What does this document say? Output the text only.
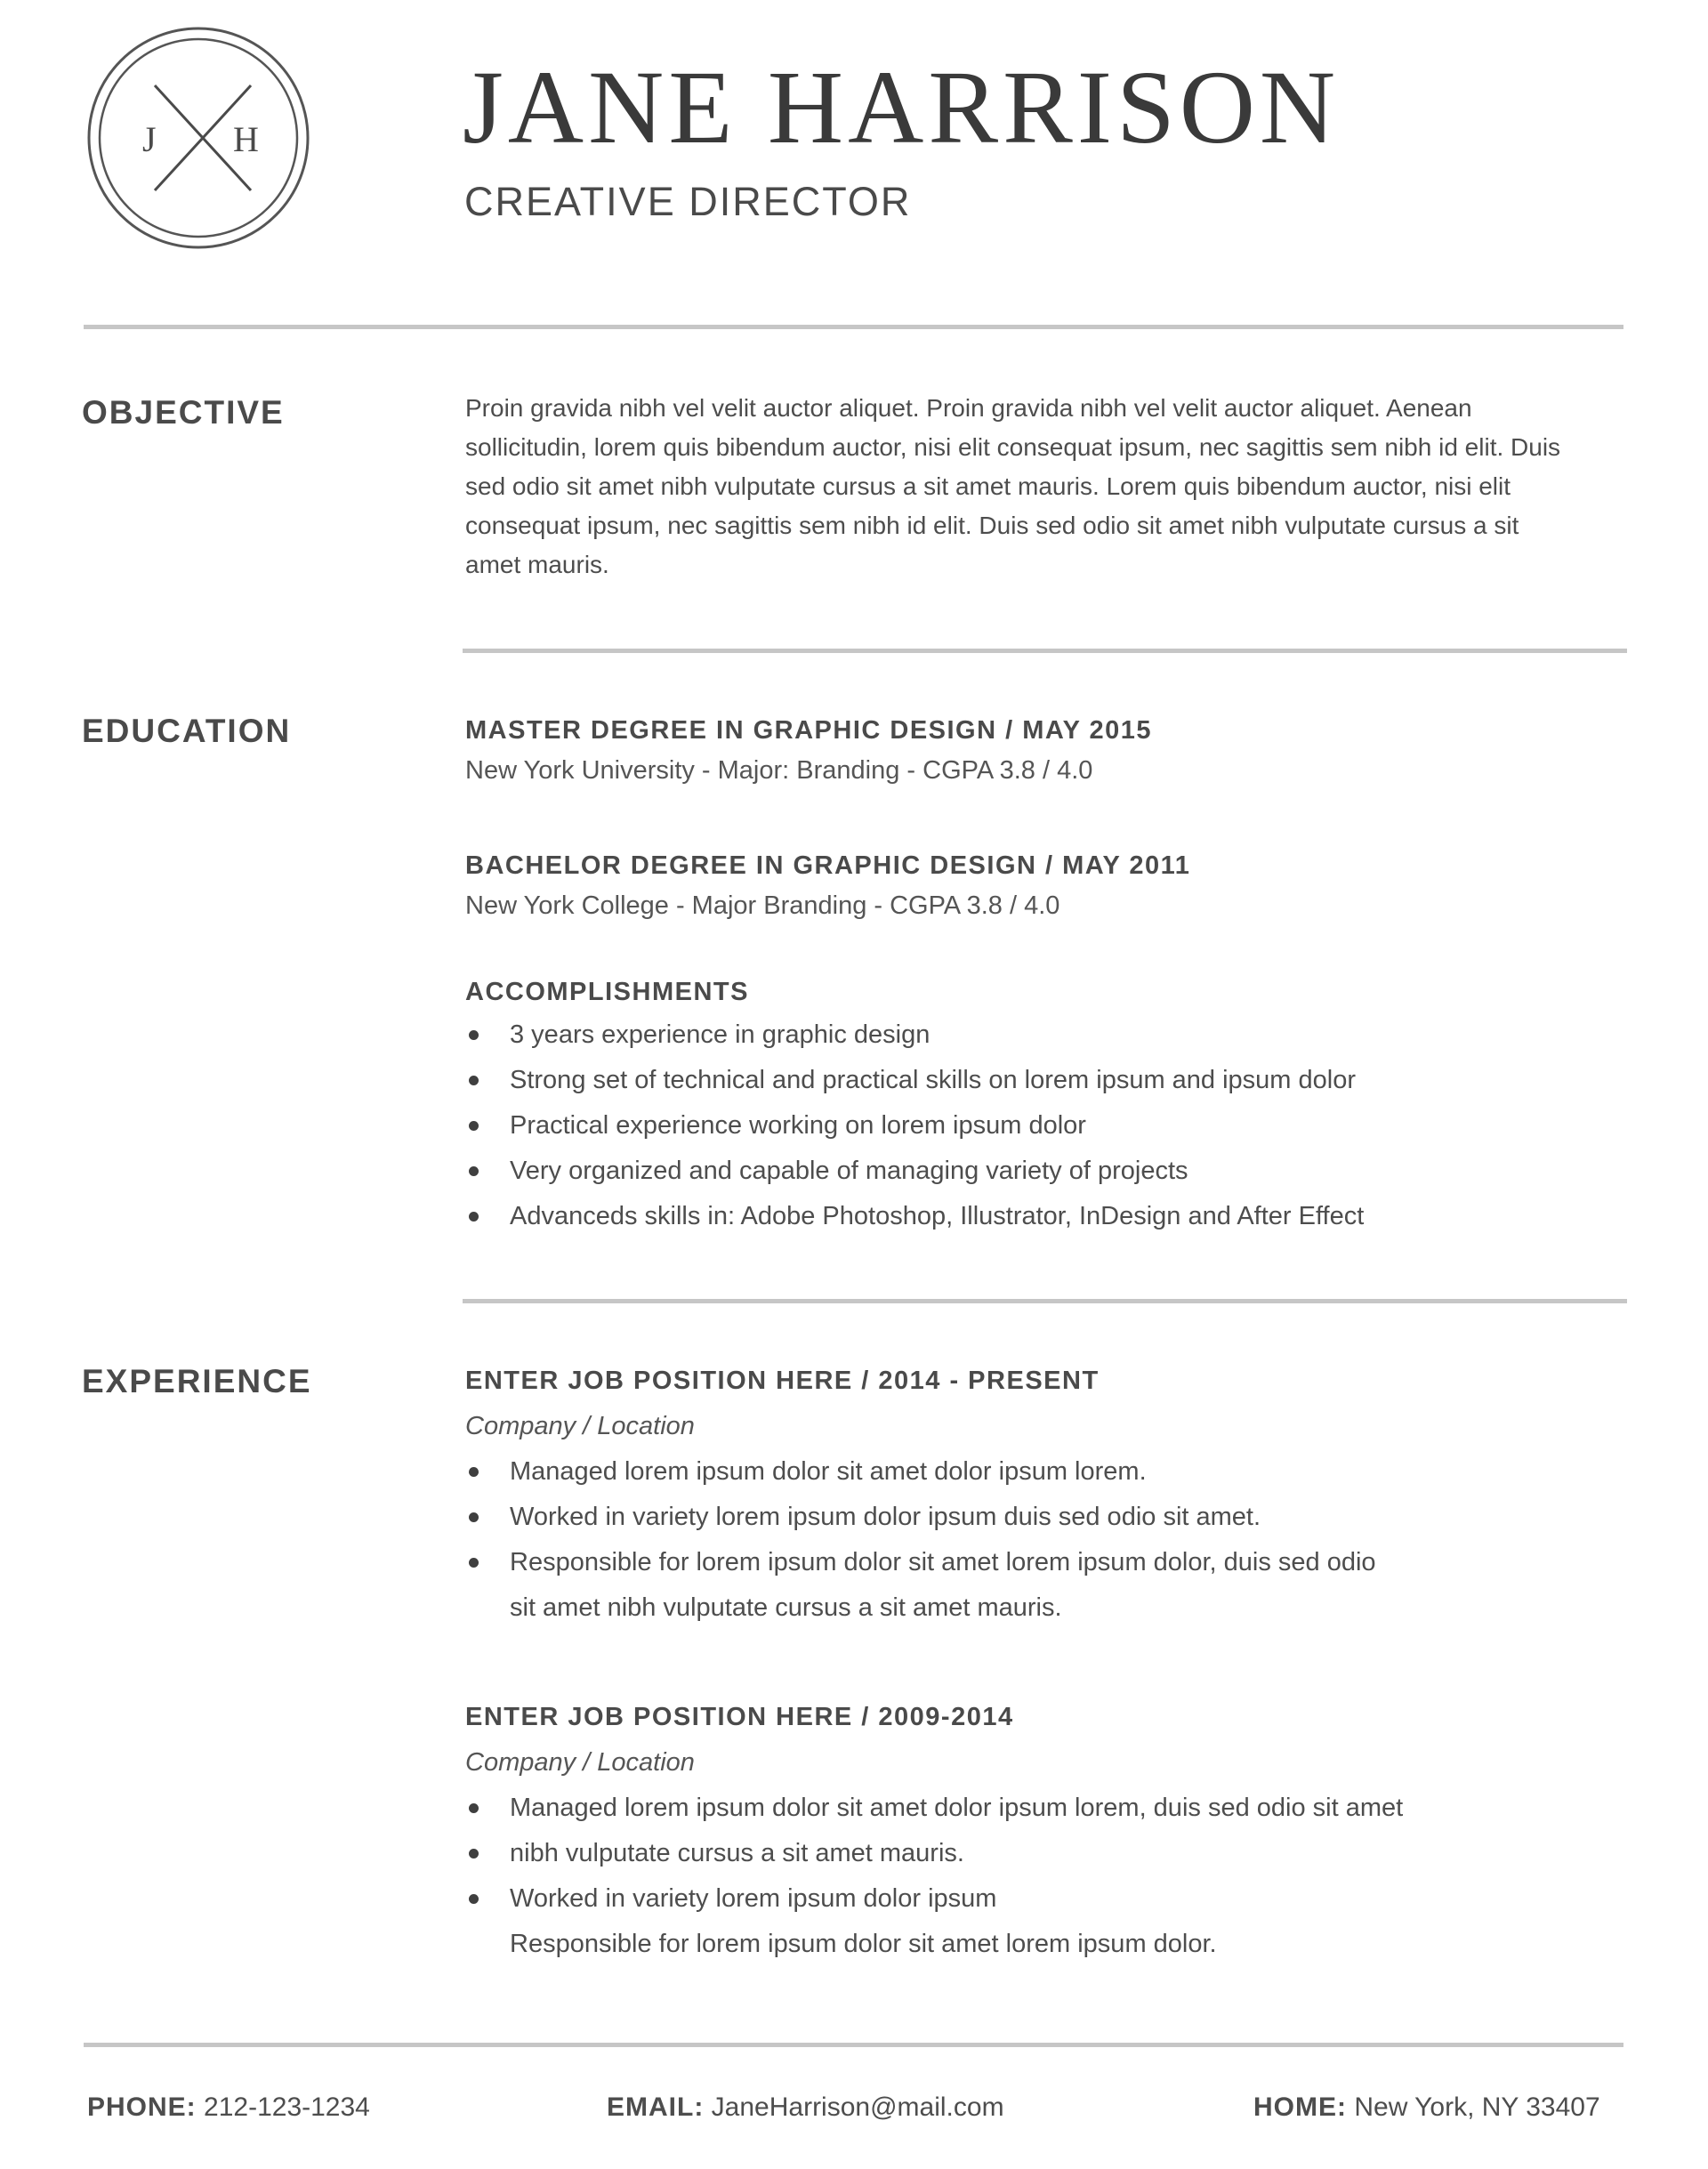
J H JANE HARRISON
CREATIVE DIRECTOR
OBJECTIVE	Proin gravida nibh vel velit auctor aliquet. Proin gravida nibh vel velit auctor aliquet. Aenean sollicitudin, lorem quis bibendum auctor, nisi elit consequat ipsum, nec sagittis sem nibh id elit. Duis sed odio sit amet nibh vulputate cursus a sit amet mauris. Lorem quis bibendum auctor, nisi elit consequat ipsum, nec sagittis sem nibh id elit. Duis sed odio sit amet nibh vulputate cursus a sit amet mauris.
EDUCATION	MASTER DEGREE IN GRAPHIC DESIGN / MAY 2015
New York University - Major: Branding - CGPA 3.8 / 4.0
BACHELOR DEGREE IN GRAPHIC DESIGN / MAY 2011
New York College - Major Branding - CGPA 3.8 / 4.0
ACCOMPLISHMENTS
3 years experience in graphic design
Strong set of technical and practical skills on lorem ipsum and ipsum dolor
Practical experience working on lorem ipsum dolor
Very organized and capable of managing variety of projects
Advanceds skills in: Adobe Photoshop, Illustrator, InDesign and After Effect
EXPERIENCE	ENTER JOB POSITION HERE / 2014 - PRESENT
Company / Location
Managed lorem ipsum dolor sit amet dolor ipsum lorem.
Worked in variety lorem ipsum dolor ipsum duis sed odio sit amet.
Responsible for lorem ipsum dolor sit amet lorem ipsum dolor, duis sed odio
sit amet nibh vulputate cursus a sit amet mauris.
ENTER JOB POSITION HERE / 2009-2014
Company / Location
Managed lorem ipsum dolor sit amet dolor ipsum lorem, duis sed odio sit amet
nibh vulputate cursus a sit amet mauris.
Worked in variety lorem ipsum dolor ipsum
Responsible for lorem ipsum dolor sit amet lorem ipsum dolor.
PHONE: 212-123-1234	EMAIL: JaneHarrison@mail.com	HOME: New York, NY 33407
